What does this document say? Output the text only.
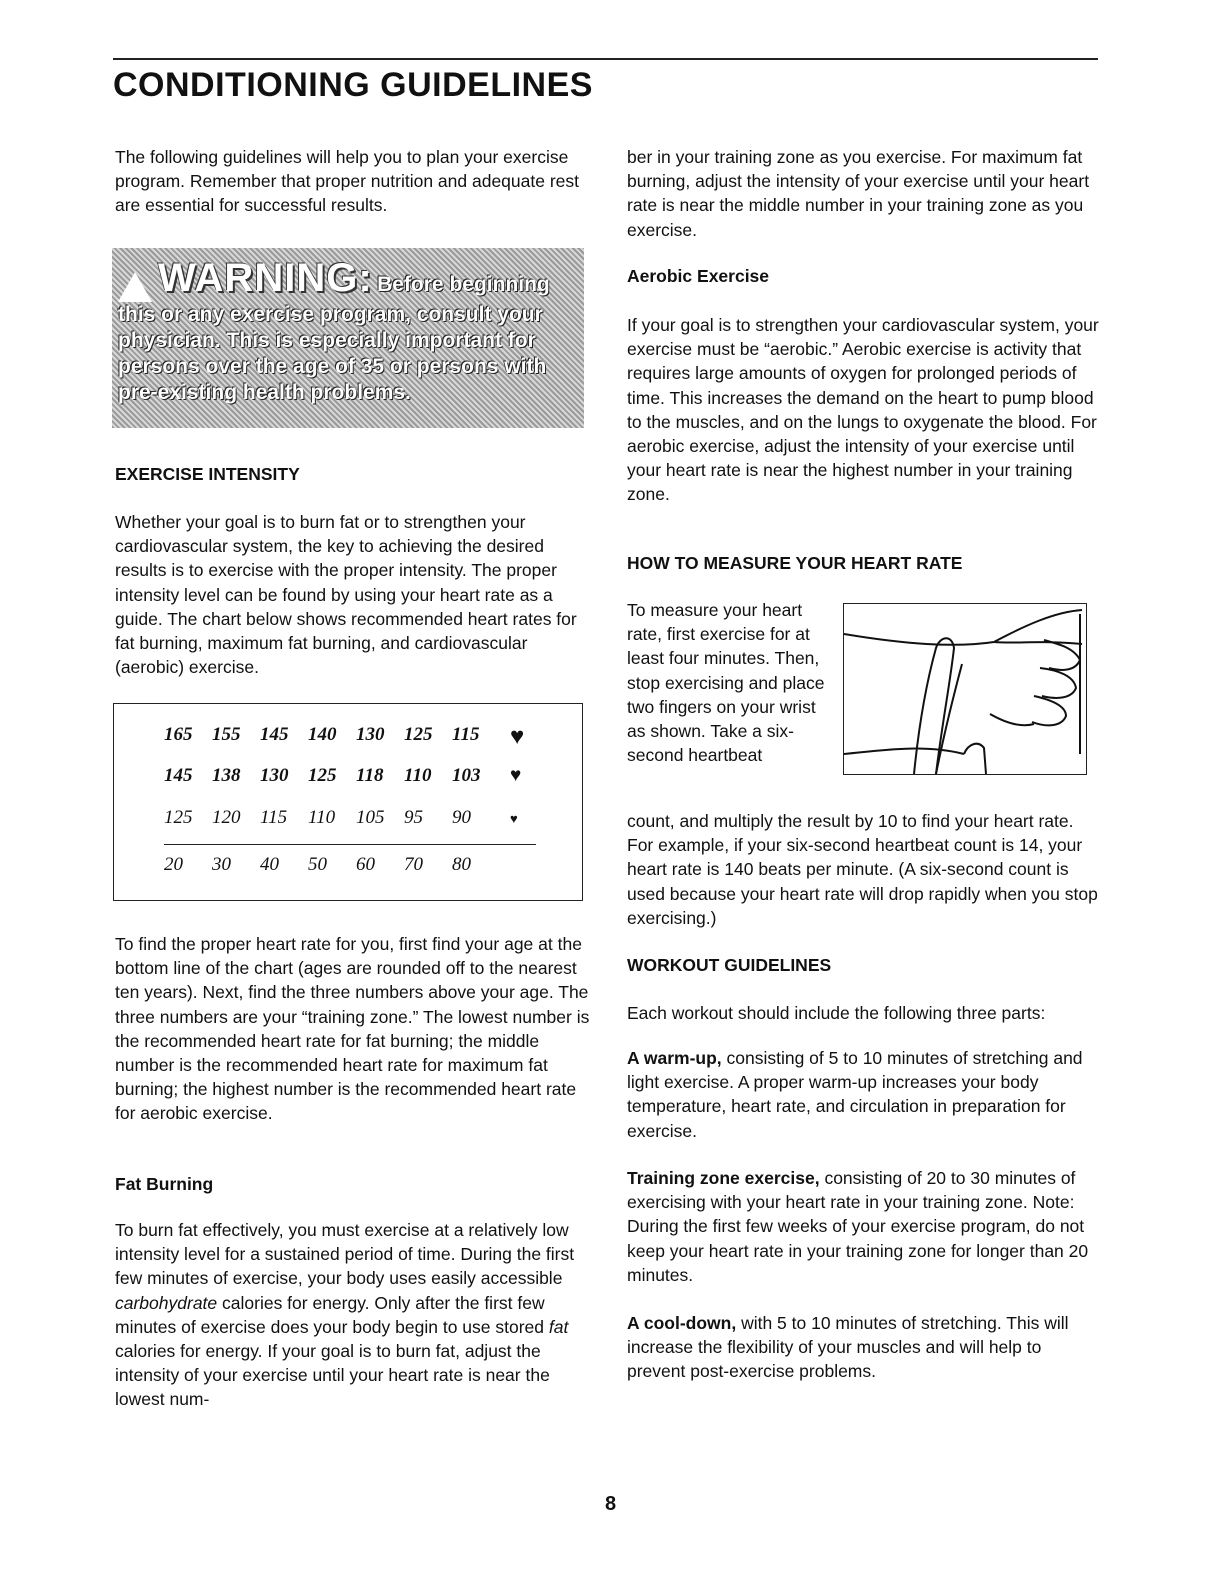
CONDITIONING GUIDELINES

The following guidelines will help you to plan your exercise program. Remember that proper nutrition and adequate rest are essential for successful results.

WARNING: Before beginning this or any exercise program, consult your physician. This is especially important for persons over the age of 35 or persons with pre-existing health problems.
EXERCISE INTENSITY

Whether your goal is to burn fat or to strengthen your cardiovascular system, the key to achieving the desired results is to exercise with the proper intensity. The proper intensity level can be found by using your heart rate as a guide. The chart below shows recommended heart rates for fat burning, maximum fat burning, and cardiovascular (aerobic) exercise.

165	155	145	140	130	125	115	♥
145	138	130	125	118	110	103	♥
125	120	115	110	105	95	90	♥
20	30	40	50	60	70	80

To find the proper heart rate for you, first find your age at the bottom line of the chart (ages are rounded off to the nearest ten years). Next, find the three numbers above your age. The three numbers are your “training zone.” The lowest number is the recommended heart rate for fat burning; the middle number is the recommended heart rate for maximum fat burning; the highest number is the recommended heart rate for aerobic exercise.

Fat Burning

To burn fat effectively, you must exercise at a relatively low intensity level for a sustained period of time. During the first few minutes of exercise, your body uses easily accessible carbohydrate calories for energy. Only after the first few minutes of exercise does your body begin to use stored fat calories for energy. If your goal is to burn fat, adjust the intensity of your exercise until your heart rate is near the lowest num-

ber in your training zone as you exercise. For maximum fat burning, adjust the intensity of your exercise until your heart rate is near the middle number in your training zone as you exercise.

Aerobic Exercise

If your goal is to strengthen your cardiovascular system, your exercise must be “aerobic.” Aerobic exercise is activity that requires large amounts of oxygen for prolonged periods of time. This increases the demand on the heart to pump blood to the muscles, and on the lungs to oxygenate the blood. For aerobic exercise, adjust the intensity of your exercise until your heart rate is near the highest number in your training zone.

HOW TO MEASURE YOUR HEART RATE

To measure your heart rate, first exercise for at least four minutes. Then, stop exercising and place two fingers on your wrist as shown. Take a six-second heartbeat

count, and multiply the result by 10 to find your heart rate. For example, if your six-second heartbeat count is 14, your heart rate is 140 beats per minute. (A six-second count is used because your heart rate will drop rapidly when you stop exercising.)

WORKOUT GUIDELINES

Each workout should include the following three parts:

A warm-up, consisting of 5 to 10 minutes of stretching and light exercise. A proper warm-up increases your body temperature, heart rate, and circulation in preparation for exercise.

Training zone exercise, consisting of 20 to 30 minutes of exercising with your heart rate in your training zone. Note: During the first few weeks of your exercise program, do not keep your heart rate in your training zone for longer than 20 minutes.

A cool-down, with 5 to 10 minutes of stretching. This will increase the flexibility of your muscles and will help to prevent post-exercise problems.

8
